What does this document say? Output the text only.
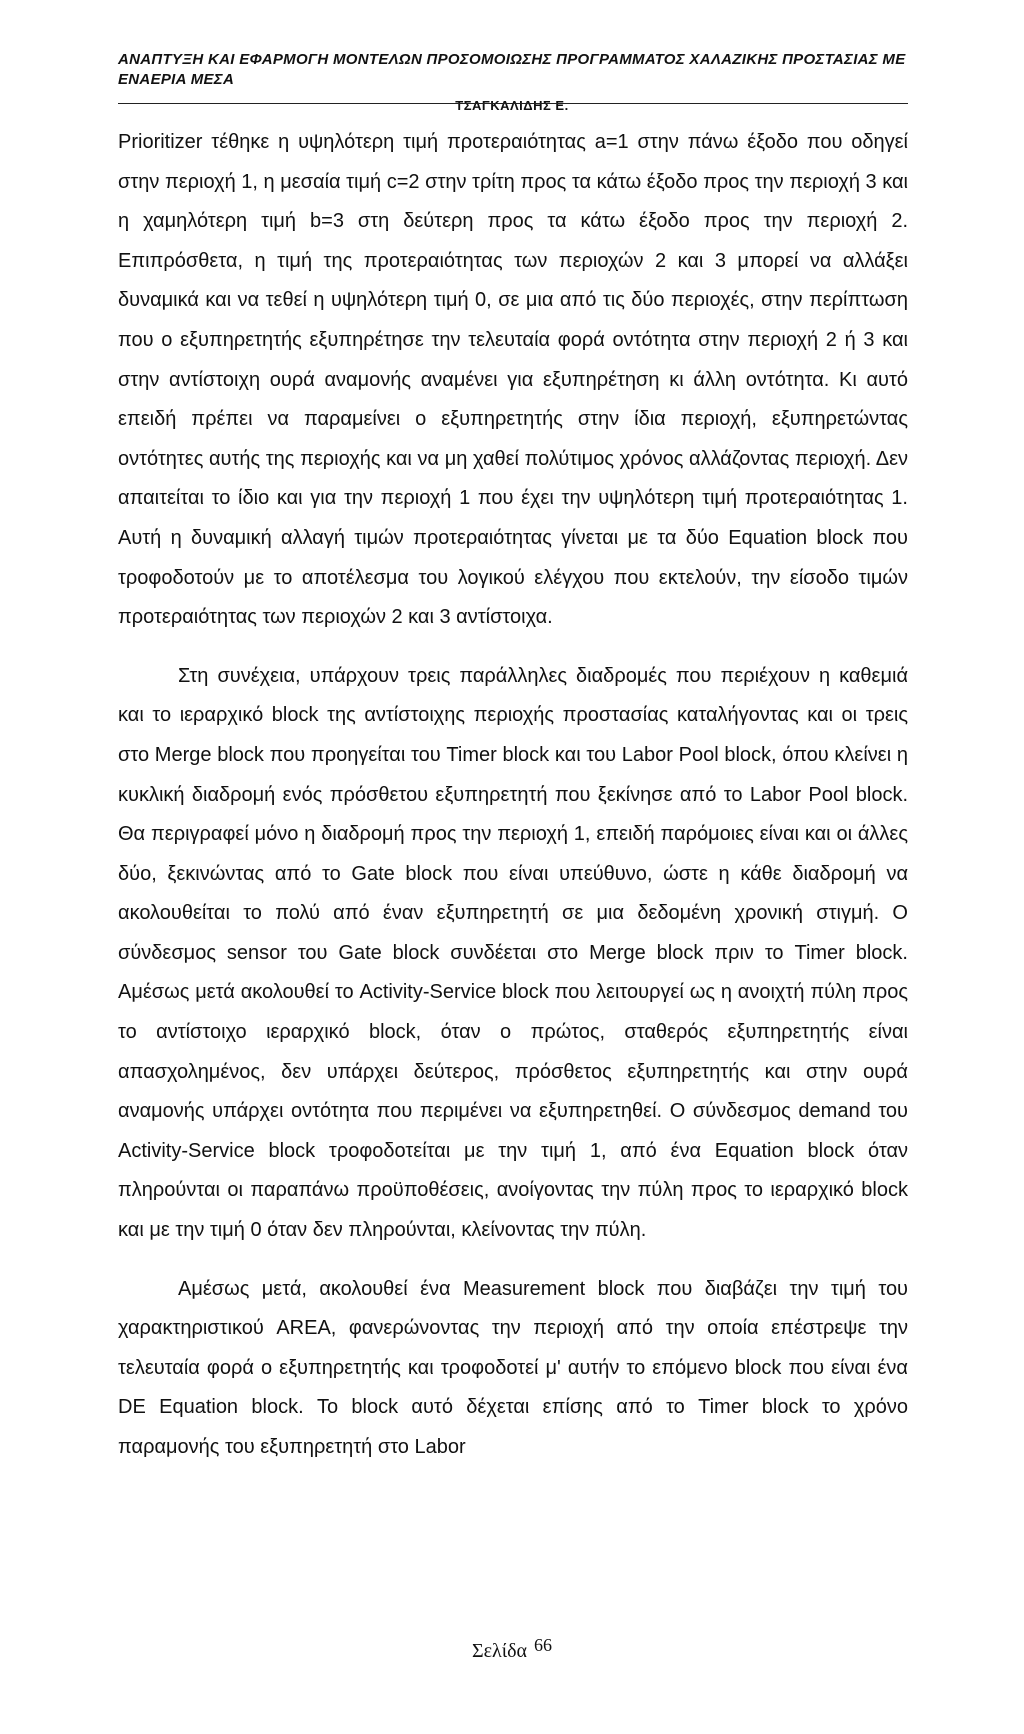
ΑΝΑΠΤΥΞΗ ΚΑΙ ΕΦΑΡΜΟΓΗ ΜΟΝΤΕΛΩΝ ΠΡΟΣΟΜΟΙΩΣΗΣ ΠΡΟΓΡΑΜΜΑΤΟΣ ΧΑΛΑΖΙΚΗΣ ΠΡΟΣΤΑΣΙΑΣ ΜΕ ΕΝΑΕΡΙΑ ΜΕΣΑ
ΤΣΑΓΚΑΛΙΔΗΣ Ε.

Prioritizer τέθηκε η υψηλότερη τιμή προτεραιότητας a=1 στην πάνω έξοδο που οδηγεί στην περιοχή 1, η μεσαία τιμή c=2 στην τρίτη προς τα κάτω έξοδο προς την περιοχή 3 και η χαμηλότερη τιμή b=3 στη δεύτερη προς τα κάτω έξοδο προς την περιοχή 2. Επιπρόσθετα, η τιμή της προτεραιότητας των περιοχών 2 και 3 μπορεί να αλλάξει δυναμικά και να τεθεί η υψηλότερη τιμή 0, σε μια από τις δύο περιοχές, στην περίπτωση που ο εξυπηρετητής εξυπηρέτησε την τελευταία φορά οντότητα στην περιοχή 2 ή 3 και στην αντίστοιχη ουρά αναμονής αναμένει για εξυπηρέτηση κι άλλη οντότητα. Κι αυτό επειδή πρέπει να παραμείνει ο εξυπηρετητής στην ίδια περιοχή, εξυπηρετώντας οντότητες αυτής της περιοχής και να μη χαθεί πολύτιμος χρόνος αλλάζοντας περιοχή. Δεν απαιτείται το ίδιο και για την περιοχή 1 που έχει την υψηλότερη τιμή προτεραιότητας 1. Αυτή η δυναμική αλλαγή τιμών προτεραιότητας γίνεται με τα δύο Equation block που τροφοδοτούν με το αποτέλεσμα του λογικού ελέγχου που εκτελούν, την είσοδο τιμών προτεραιότητας των περιοχών 2 και 3 αντίστοιχα.

Στη συνέχεια, υπάρχουν τρεις παράλληλες διαδρομές που περιέχουν η καθεμιά και το ιεραρχικό block της αντίστοιχης περιοχής προστασίας καταλήγοντας και οι τρεις στο Merge block που προηγείται του Timer block και του Labor Pool block, όπου κλείνει η κυκλική διαδρομή ενός πρόσθετου εξυπηρετητή που ξεκίνησε από το Labor Pool block. Θα περιγραφεί μόνο η διαδρομή προς την περιοχή 1, επειδή παρόμοιες είναι και οι άλλες δύο, ξεκινώντας από το Gate block που είναι υπεύθυνο, ώστε η κάθε διαδρομή να ακολουθείται το πολύ από έναν εξυπηρετητή σε μια δεδομένη χρονική στιγμή. Ο σύνδεσμος sensor του Gate block συνδέεται στο Merge block πριν το Timer block. Αμέσως μετά ακολουθεί το Activity-Service block που λειτουργεί ως η ανοιχτή πύλη προς το αντίστοιχο ιεραρχικό block, όταν ο πρώτος, σταθερός εξυπηρετητής είναι απασχολημένος, δεν υπάρχει δεύτερος, πρόσθετος εξυπηρετητής και στην ουρά αναμονής υπάρχει οντότητα που περιμένει να εξυπηρετηθεί. Ο σύνδεσμος demand του Activity-Service block τροφοδοτείται με την τιμή 1, από ένα Equation block όταν πληρούνται οι παραπάνω προϋποθέσεις, ανοίγοντας την πύλη προς το ιεραρχικό block και με την τιμή 0 όταν δεν πληρούνται, κλείνοντας την πύλη.

Αμέσως μετά, ακολουθεί ένα Measurement block που διαβάζει την τιμή του χαρακτηριστικού AREA, φανερώνοντας την περιοχή από την οποία επέστρεψε την τελευταία φορά ο εξυπηρετητής και τροφοδοτεί μ' αυτήν το επόμενο block που είναι ένα DE Equation block. Το block αυτό δέχεται επίσης από το Timer block το χρόνο παραμονής του εξυπηρετητή στο Labor

Σελίδα 66
